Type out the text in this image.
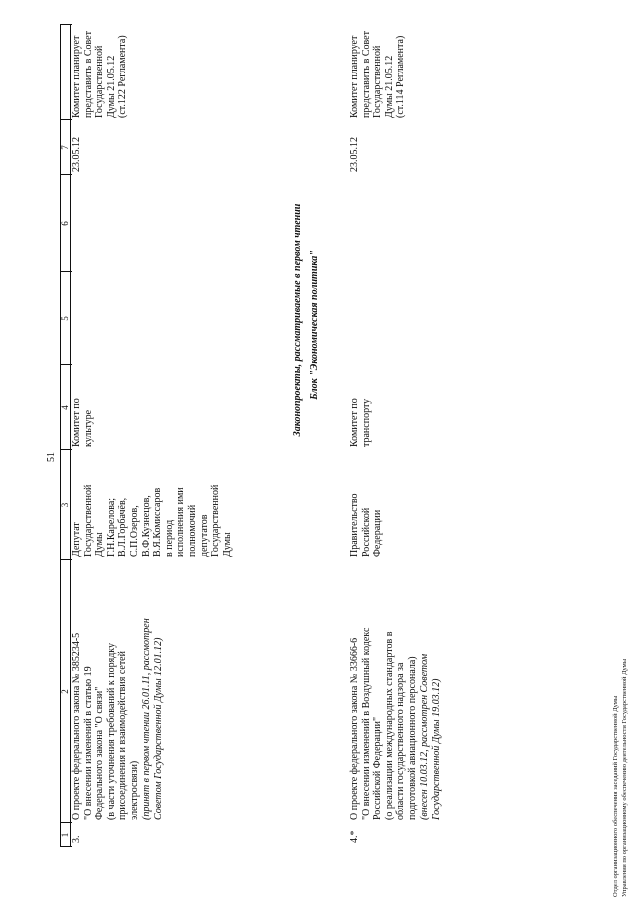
51
1
2
3
4
5
6
7
3.
О проекте федерального закона № 385234-5
"О внесении изменений в статью 19
Федерального закона "О связи"
(в части уточнения требований к порядку
присоединения и взаимодействия сетей
электросвязи) (принят в первом чтении 26.01.11, рассмотрен
Советом Государственной Думы 12.01.12)
Депутат
Государственной
Думы
Г.Н.Карелова;
В.Л.Горбачёв,
С.П.Озеров,
В.Ф.Кузнецов,
В.Я.Комиссаров
в период
исполнения ими
полномочий
депутатов
Государственной
Думы
Комитет по
культуре
23.05.12
Комитет планирует
представить в Совет
Государственной
Думы 21.05.12
(ст.122 Регламента)
Законопроекты, рассматриваемые в первом чтении Блок "Экономическая политика"
4.*
О проекте федерального закона № 33666-6
"О внесении изменений в Воздушный кодекс
Российской Федерации"
(о реализации международных стандартов в
области государственного надзора за
подготовкой авиационного персонала)
(внесен 10.03.12, рассмотрен Советом
Государственной Думы 19.03.12)
Правительство
Российской
Федерации
Комитет по
транспорту
23.05.12
Комитет планирует
представить в Совет
Государственной
Думы 21.05.12
(ст.114 Регламента)
Отдел организационного обеспечения заседаний Государственной Думы Управления по организационному обеспечению деятельности Государственной Думы
